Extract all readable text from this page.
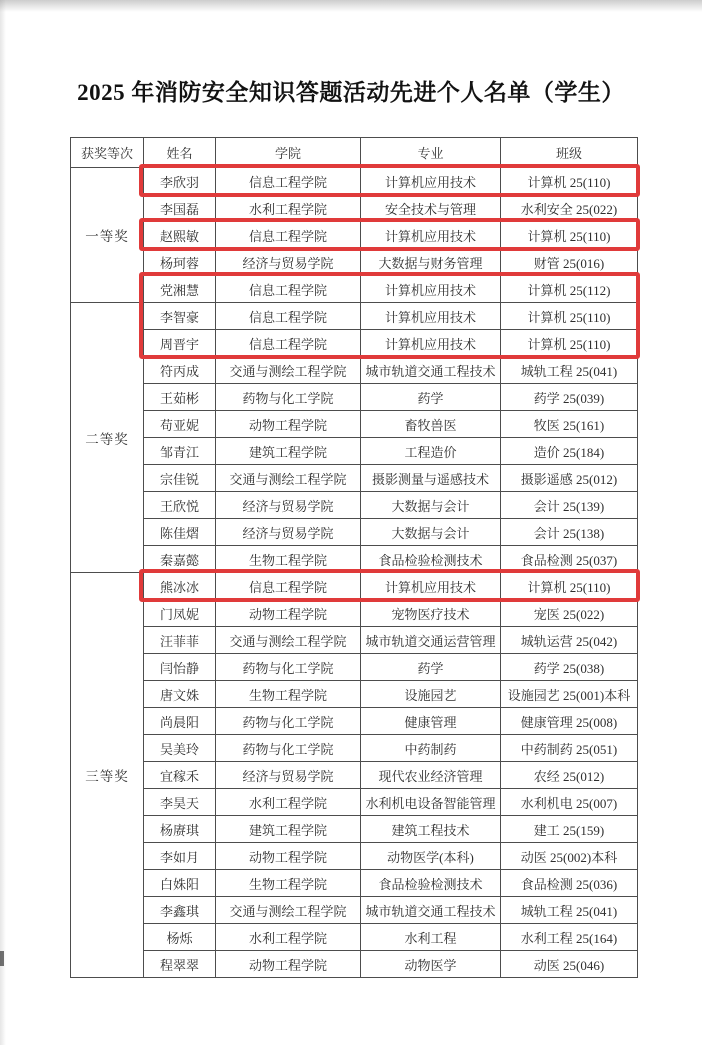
2025 年消防安全知识答题活动先进个人名单（学生）
获奖等次	姓名	学院	专业	班级
一等奖	李欣羽	信息工程学院	计算机应用技术	计算机 25(110)
	李国磊	水利工程学院	安全技术与管理	水利安全 25(022)
	赵熙敏	信息工程学院	计算机应用技术	计算机 25(110)
	杨珂蓉	经济与贸易学院	大数据与财务管理	财管 25(016)
	党湘慧	信息工程学院	计算机应用技术	计算机 25(112)
二等奖	李智豪	信息工程学院	计算机应用技术	计算机 25(110)
	周晋宇	信息工程学院	计算机应用技术	计算机 25(110)
	符丙成	交通与测绘工程学院	城市轨道交通工程技术	城轨工程 25(041)
	王茹彬	药物与化工学院	药学	药学 25(039)
	苟亚妮	动物工程学院	畜牧兽医	牧医 25(161)
	邹青江	建筑工程学院	工程造价	造价 25(184)
	宗佳锐	交通与测绘工程学院	摄影测量与遥感技术	摄影遥感 25(012)
	王欣悦	经济与贸易学院	大数据与会计	会计 25(139)
	陈佳熠	经济与贸易学院	大数据与会计	会计 25(138)
	秦嘉懿	生物工程学院	食品检验检测技术	食品检测 25(037)
三等奖	熊冰冰	信息工程学院	计算机应用技术	计算机 25(110)
	门凤妮	动物工程学院	宠物医疗技术	宠医 25(022)
	汪菲菲	交通与测绘工程学院	城市轨道交通运营管理	城轨运营 25(042)
	闫怡静	药物与化工学院	药学	药学 25(038)
	唐文姝	生物工程学院	设施园艺	设施园艺 25(001)本科
	尚晨阳	药物与化工学院	健康管理	健康管理 25(008)
	吴美玲	药物与化工学院	中药制药	中药制药 25(051)
	宜稼禾	经济与贸易学院	现代农业经济管理	农经 25(012)
	李昊天	水利工程学院	水利机电设备智能管理	水利机电 25(007)
	杨赓琪	建筑工程学院	建筑工程技术	建工 25(159)
	李如月	动物工程学院	动物医学(本科)	动医 25(002)本科
	白姝阳	生物工程学院	食品检验检测技术	食品检测 25(036)
	李鑫琪	交通与测绘工程学院	城市轨道交通工程技术	城轨工程 25(041)
	杨烁	水利工程学院	水利工程	水利工程 25(164)
	程翠翠	动物工程学院	动物医学	动医 25(046)
